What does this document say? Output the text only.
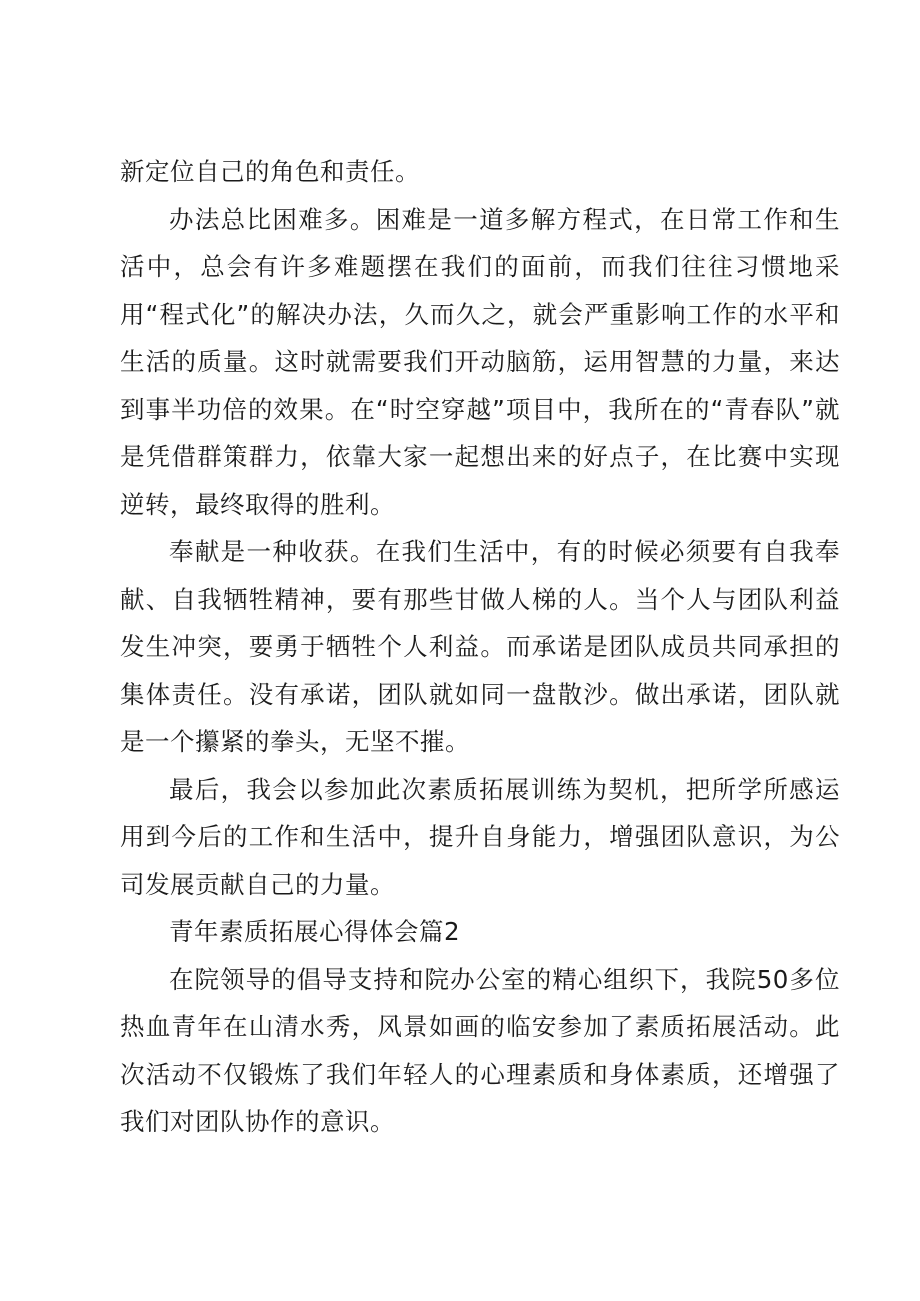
新定位自己的角色和责任。

办法总比困难多。困难是一道多解方程式，在日常工作和生活中，总会有许多难题摆在我们的面前，而我们往往习惯地采用“程式化”的解决办法，久而久之，就会严重影响工作的水平和生活的质量。这时就需要我们开动脑筋，运用智慧的力量，来达到事半功倍的效果。在“时空穿越”项目中，我所在的“青春队”就是凭借群策群力，依靠大家一起想出来的好点子，在比赛中实现逆转，最终取得的胜利。

奉献是一种收获。在我们生活中，有的时候必须要有自我奉献、自我牺牲精神，要有那些甘做人梯的人。当个人与团队利益发生冲突，要勇于牺牲个人利益。而承诺是团队成员共同承担的集体责任。没有承诺，团队就如同一盘散沙。做出承诺，团队就是一个攥紧的拳头，无坚不摧。

最后，我会以参加此次素质拓展训练为契机，把所学所感运用到今后的工作和生活中，提升自身能力，增强团队意识，为公司发展贡献自己的力量。

青年素质拓展心得体会篇2

在院领导的倡导支持和院办公室的精心组织下，我院50多位热血青年在山清水秀，风景如画的临安参加了素质拓展活动。此次活动不仅锻炼了我们年轻人的心理素质和身体素质，还增强了我们对团队协作的意识。
